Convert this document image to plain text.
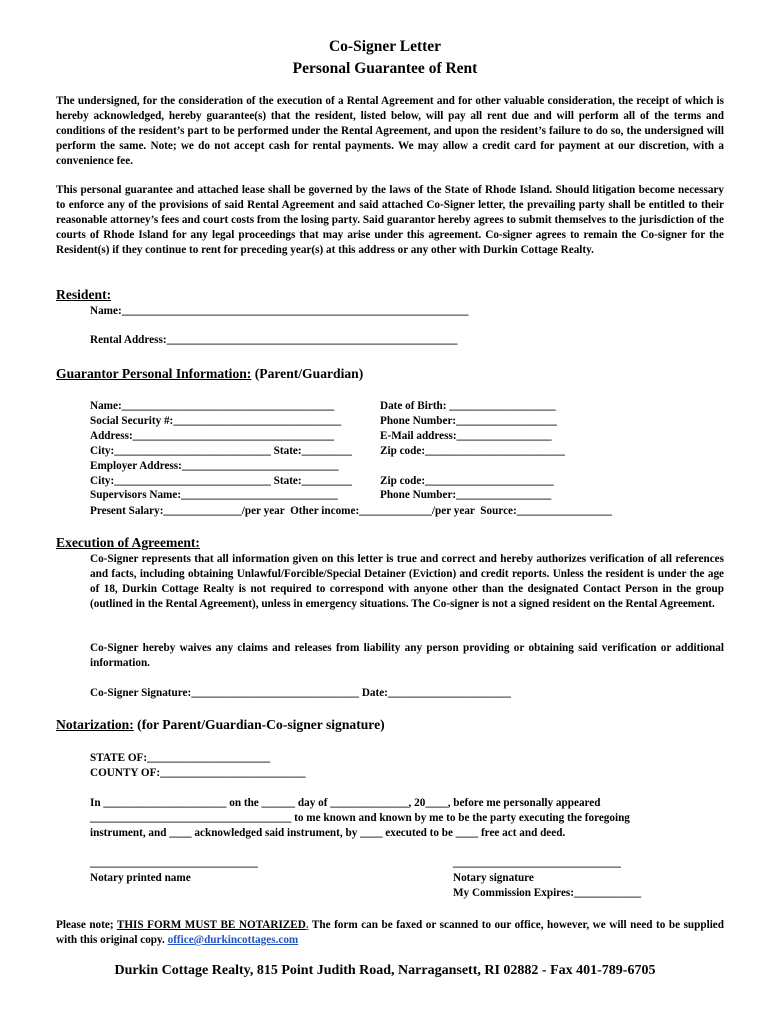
Co-Signer Letter
Personal Guarantee of Rent
The undersigned, for the consideration of the execution of a Rental Agreement and for other valuable consideration, the receipt of which is hereby acknowledged, hereby guarantee(s) that the resident, listed below, will pay all rent due and will perform all of the terms and conditions of the resident’s part to be performed under the Rental Agreement, and upon the resident’s failure to do so, the undersigned will perform the same. Note; we do not accept cash for rental payments. We may allow a credit card for payment at our discretion, with a convenience fee.
This personal guarantee and attached lease shall be governed by the laws of the State of Rhode Island. Should litigation become necessary to enforce any of the provisions of said Rental Agreement and said attached Co-Signer letter, the prevailing party shall be entitled to their reasonable attorney’s fees and court costs from the losing party. Said guarantor hereby agrees to submit themselves to the jurisdiction of the courts of Rhode Island for any legal proceedings that may arise under this agreement. Co-signer agrees to remain the Co-signer for the Resident(s) if they continue to rent for preceding year(s) at this address or any other with Durkin Cottage Realty.
Resident:
Name:______________________________________________________________
Rental Address:____________________________________________________
Guarantor Personal Information: (Parent/Guardian)
Name:______________________________________
Social Security #:______________________________
Address:____________________________________
City:____________________________ State:_________
Employer Address:____________________________
City:____________________________ State:_________
Supervisors Name:____________________________
Present Salary:______________/per year  Other income:_____________/per year  Source:_________________
Date of Birth: ___________________
Phone Number:__________________
E-Mail address:_________________
Zip code:_________________________
Zip code:_______________________
Phone Number:_________________
Execution of Agreement:
Co-Signer represents that all information given on this letter is true and correct and hereby authorizes verification of all references and facts, including obtaining Unlawful/Forcible/Special Detainer (Eviction) and credit reports. Unless the resident is under the age of 18, Durkin Cottage Realty is not required to correspond with anyone other than the designated Contact Person in the group (outlined in the Rental Agreement), unless in emergency situations. The Co-signer is not a signed resident on the Rental Agreement.
Co-Signer hereby waives any claims and releases from liability any person providing or obtaining said verification or additional information.
Co-Signer Signature:______________________________ Date:______________________
Notarization: (for Parent/Guardian-Co-signer signature)
STATE OF:______________________
COUNTY OF:__________________________
In ______________________ on the ______ day of ______________, 20____, before me personally appeared
____________________________________ to me known and known by me to be the party executing the foregoing
instrument, and ____ acknowledged said instrument, by ____ executed to be ____ free act and deed.
______________________________
Notary printed name
______________________________
Notary signature
My Commission Expires:____________
Please note; THIS FORM MUST BE NOTARIZED. The form can be faxed or scanned to our office, however, we will need to be supplied with this original copy. office@durkincottages.com
Durkin Cottage Realty, 815 Point Judith Road, Narragansett, RI 02882 - Fax 401-789-6705
